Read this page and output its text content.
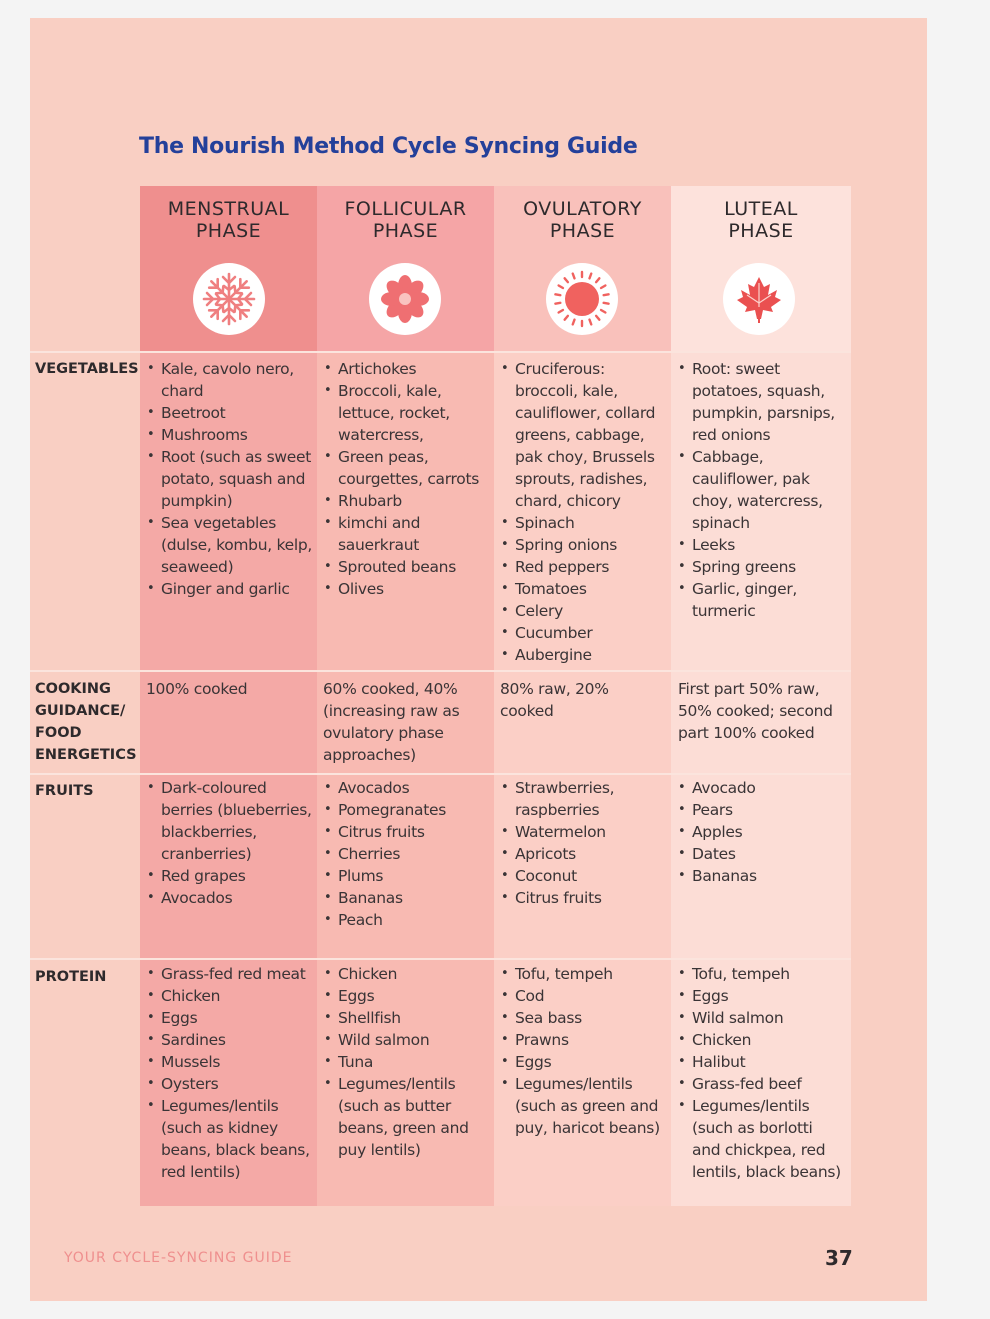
The Nourish Method Cycle Syncing Guide
MENSTRUAL
PHASE
FOLLICULAR
PHASE
OVULATORY
PHASE
LUTEAL
PHASE
VEGETABLES
COOKING
GUIDANCE/
FOOD
ENERGETICS
FRUITS
PROTEIN
• Kale, cavolo nero, chard
• Beetroot
• Mushrooms
• Root (such as sweet potato, squash and pumpkin)
• Sea vegetables (dulse, kombu, kelp, seaweed)
• Ginger and garlic
• Artichokes
• Broccoli, kale, lettuce, rocket, watercress,
• Green peas, courgettes, carrots
• Rhubarb
• kimchi and sauerkraut
• Sprouted beans
• Olives
• Cruciferous: broccoli, kale, cauliflower, collard greens, cabbage, pak choy, Brussels sprouts, radishes, chard, chicory
• Spinach
• Spring onions
• Red peppers
• Tomatoes
• Celery
• Cucumber
• Aubergine
• Root: sweet potatoes, squash, pumpkin, parsnips, red onions
• Cabbage, cauliflower, pak choy, watercress, spinach
• Leeks
• Spring greens
• Garlic, ginger, turmeric

100% cooked	60% cooked, 40% (increasing raw as ovulatory phase approaches)

80% raw, 20% cooked

First part 50% raw, 50% cooked; second part 100% cooked

• Dark-coloured berries (blueberries, blackberries, cranberries)
• Red grapes
• Avocados
• Avocados
• Pomegranates
• Citrus fruits
• Cherries
• Plums
• Bananas
• Peach
• Strawberries, raspberries
• Watermelon
• Apricots
• Coconut
• Citrus fruits
• Avocado
• Pears
• Apples
• Dates
• Bananas
• Grass-fed red meat
• Chicken
• Eggs
• Sardines
• Mussels
• Oysters
• Legumes/lentils (such as kidney beans, black beans, red lentils)
• Chicken
• Eggs
• Shellfish
• Wild salmon
• Tuna
• Legumes/lentils (such as butter beans, green and puy lentils)
• Tofu, tempeh
• Cod
• Sea bass
• Prawns
• Eggs
• Legumes/lentils (such as green and puy, haricot beans)
• Tofu, tempeh
• Eggs
• Wild salmon
• Chicken
• Halibut
• Grass-fed beef
• Legumes/lentils (such as borlotti and chickpea, red lentils, black beans)
YOUR CYCLE-SYNCING GUIDE	37
